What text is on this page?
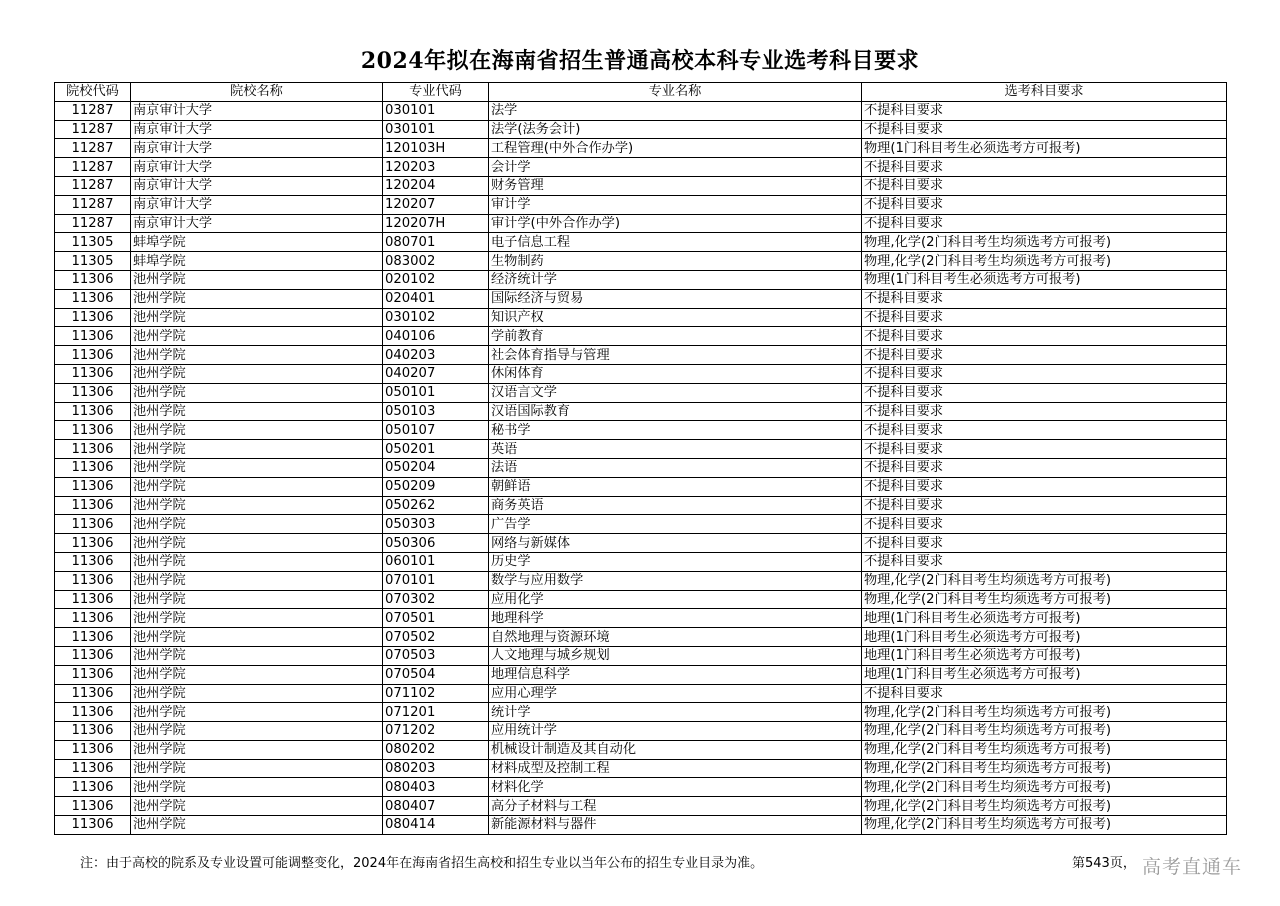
2024年拟在海南省招生普通高校本科专业选考科目要求
院校代码	院校名称	专业代码	专业名称	选考科目要求
11287	南京审计大学	030101	法学	不提科目要求
11287	南京审计大学	030101	法学(法务会计)	不提科目要求
11287	南京审计大学	120103H	工程管理(中外合作办学)	物理(1门科目考生必须选考方可报考)
11287	南京审计大学	120203	会计学	不提科目要求
11287	南京审计大学	120204	财务管理	不提科目要求
11287	南京审计大学	120207	审计学	不提科目要求
11287	南京审计大学	120207H	审计学(中外合作办学)	不提科目要求
11305	蚌埠学院	080701	电子信息工程	物理,化学(2门科目考生均须选考方可报考)
11305	蚌埠学院	083002	生物制药	物理,化学(2门科目考生均须选考方可报考)
11306	池州学院	020102	经济统计学	物理(1门科目考生必须选考方可报考)
11306	池州学院	020401	国际经济与贸易	不提科目要求
11306	池州学院	030102	知识产权	不提科目要求
11306	池州学院	040106	学前教育	不提科目要求
11306	池州学院	040203	社会体育指导与管理	不提科目要求
11306	池州学院	040207	休闲体育	不提科目要求
11306	池州学院	050101	汉语言文学	不提科目要求
11306	池州学院	050103	汉语国际教育	不提科目要求
11306	池州学院	050107	秘书学	不提科目要求
11306	池州学院	050201	英语	不提科目要求
11306	池州学院	050204	法语	不提科目要求
11306	池州学院	050209	朝鲜语	不提科目要求
11306	池州学院	050262	商务英语	不提科目要求
11306	池州学院	050303	广告学	不提科目要求
11306	池州学院	050306	网络与新媒体	不提科目要求
11306	池州学院	060101	历史学	不提科目要求
11306	池州学院	070101	数学与应用数学	物理,化学(2门科目考生均须选考方可报考)
11306	池州学院	070302	应用化学	物理,化学(2门科目考生均须选考方可报考)
11306	池州学院	070501	地理科学	地理(1门科目考生必须选考方可报考)
11306	池州学院	070502	自然地理与资源环境	地理(1门科目考生必须选考方可报考)
11306	池州学院	070503	人文地理与城乡规划	地理(1门科目考生必须选考方可报考)
11306	池州学院	070504	地理信息科学	地理(1门科目考生必须选考方可报考)
11306	池州学院	071102	应用心理学	不提科目要求
11306	池州学院	071201	统计学	物理,化学(2门科目考生均须选考方可报考)
11306	池州学院	071202	应用统计学	物理,化学(2门科目考生均须选考方可报考)
11306	池州学院	080202	机械设计制造及其自动化	物理,化学(2门科目考生均须选考方可报考)
11306	池州学院	080203	材料成型及控制工程	物理,化学(2门科目考生均须选考方可报考)
11306	池州学院	080403	材料化学	物理,化学(2门科目考生均须选考方可报考)
11306	池州学院	080407	高分子材料与工程	物理,化学(2门科目考生均须选考方可报考)
11306	池州学院	080414	新能源材料与器件	物理,化学(2门科目考生均须选考方可报考)
注：由于高校的院系及专业设置可能调整变化，2024年在海南省招生高校和招生专业以当年公布的招生专业目录为准。	第543页， 高考直通车
